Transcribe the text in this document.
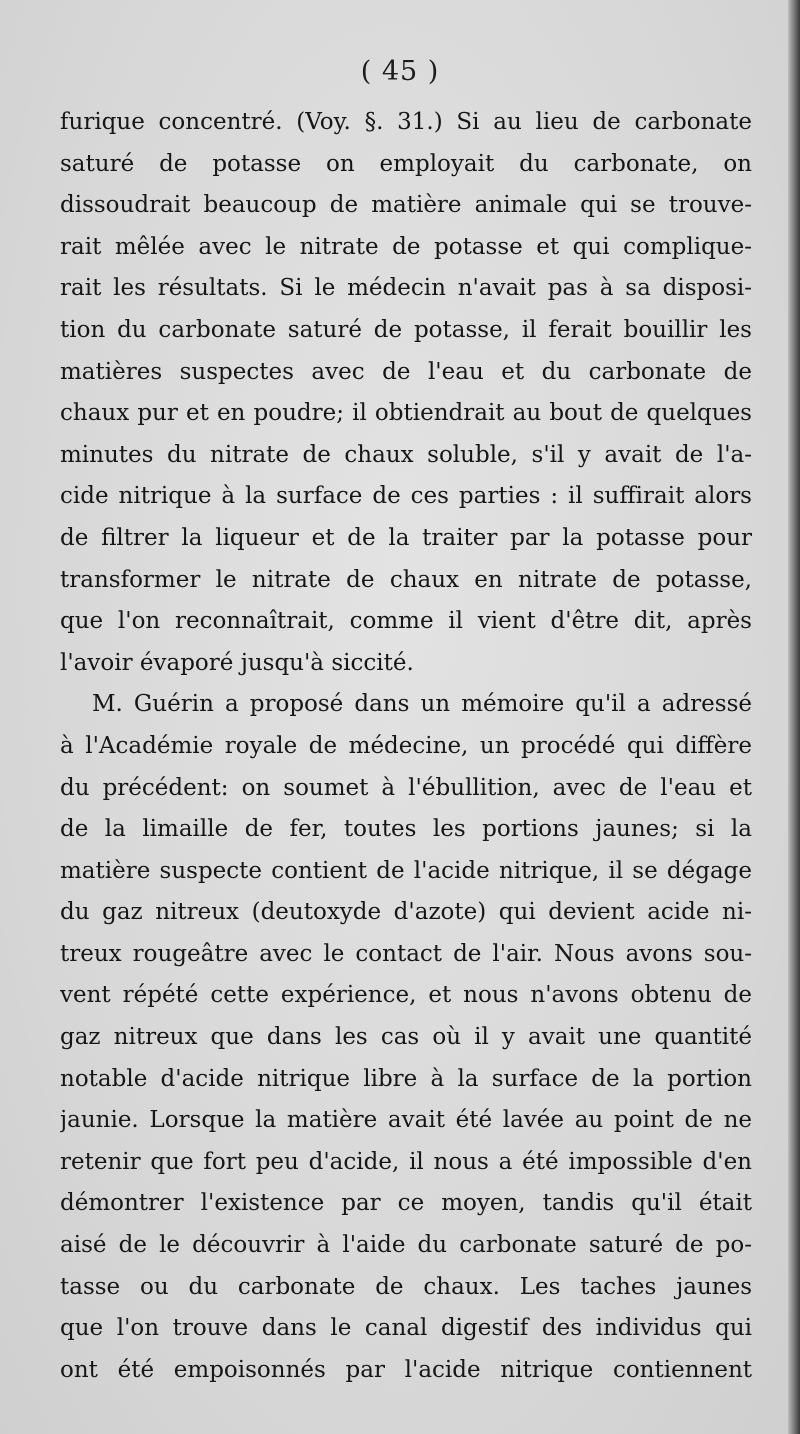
( 45 )
furique concentré. (Voy. §. 31.) Si au lieu de carbonate
saturé de potasse on employait du carbonate, on
dissoudrait beaucoup de matière animale qui se trouve-
rait mêlée avec le nitrate de potasse et qui complique-
rait les résultats. Si le médecin n'avait pas à sa disposi-
tion du carbonate saturé de potasse, il ferait bouillir les
matières suspectes avec de l'eau et du carbonate de
chaux pur et en poudre; il obtiendrait au bout de quelques
minutes du nitrate de chaux soluble, s'il y avait de l'a-
cide nitrique à la surface de ces parties : il suffirait alors
de filtrer la liqueur et de la traiter par la potasse pour
transformer le nitrate de chaux en nitrate de potasse,
que l'on reconnaîtrait, comme il vient d'être dit, après
l'avoir évaporé jusqu'à siccité.
M. Guérin a proposé dans un mémoire qu'il a adressé
à l'Académie royale de médecine, un procédé qui diffère
du précédent: on soumet à l'ébullition, avec de l'eau et
de la limaille de fer, toutes les portions jaunes; si la
matière suspecte contient de l'acide nitrique, il se dégage
du gaz nitreux (deutoxyde d'azote) qui devient acide ni-
treux rougeâtre avec le contact de l'air. Nous avons sou-
vent répété cette expérience, et nous n'avons obtenu de
gaz nitreux que dans les cas où il y avait une quantité
notable d'acide nitrique libre à la surface de la portion
jaunie. Lorsque la matière avait été lavée au point de ne
retenir que fort peu d'acide, il nous a été impossible d'en
démontrer l'existence par ce moyen, tandis qu'il était
aisé de le découvrir à l'aide du carbonate saturé de po-
tasse ou du carbonate de chaux. Les taches jaunes
que l'on trouve dans le canal digestif des individus qui
ont été empoisonnés par l'acide nitrique contiennent
